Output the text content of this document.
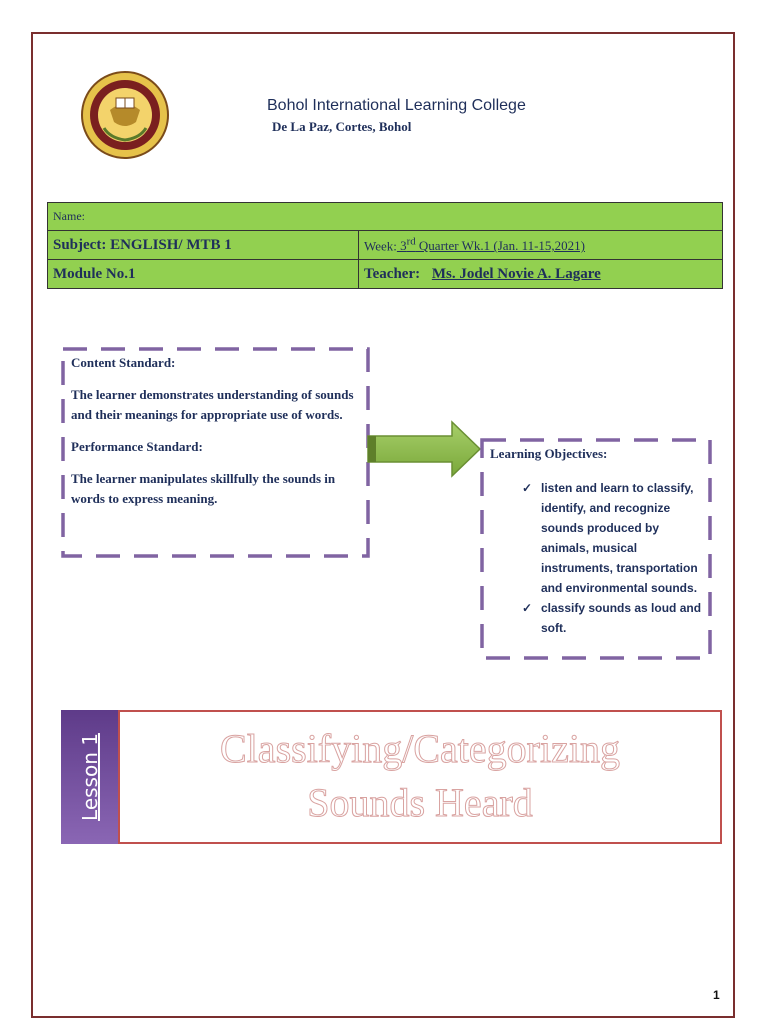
Bohol International Learning College
De La Paz, Cortes, Bohol
Name:	
Subject: ENGLISH/ MTB 1	Week: 3rd Quarter Wk.1 (Jan. 11-15,2021)
Module No.1	Teacher: Ms. Jodel Novie A. Lagare

Content Standard:

The learner demonstrates understanding of sounds and their meanings for appropriate use of words.

Performance Standard:

The learner manipulates skillfully the sounds in words to express meaning.

Learning Objectives:
✓ listen and learn to classify, identify, and recognize sounds produced by animals, musical instruments, transportation and environmental sounds.
✓ classify sounds as loud and soft.
Lesson 1	Classifying/Categorizing
Sounds Heard
1
